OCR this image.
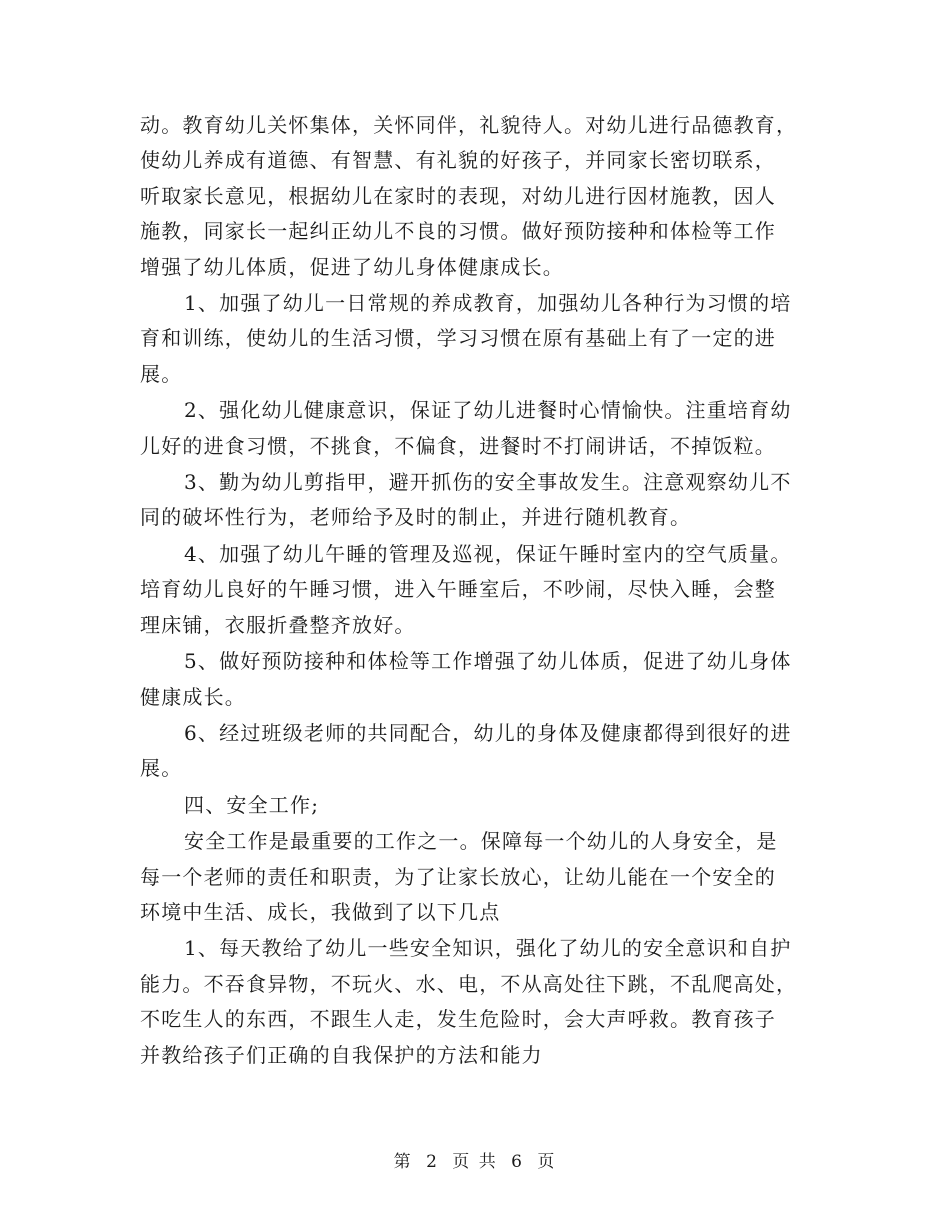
动。教育幼儿关怀集体，关怀同伴，礼貌待人。对幼儿进行品德教育，
使幼儿养成有道德、有智慧、有礼貌的好孩子，并同家长密切联系，
听取家长意见，根据幼儿在家时的表现，对幼儿进行因材施教，因人
施教，同家长一起纠正幼儿不良的习惯。做好预防接种和体检等工作
增强了幼儿体质，促进了幼儿身体健康成长。

1、加强了幼儿一日常规的养成教育，加强幼儿各种行为习惯的培
育和训练，使幼儿的生活习惯，学习习惯在原有基础上有了一定的进
展。

2、强化幼儿健康意识，保证了幼儿进餐时心情愉快。注重培育幼
儿好的进食习惯，不挑食，不偏食，进餐时不打闹讲话，不掉饭粒。

3、勤为幼儿剪指甲，避开抓伤的安全事故发生。注意观察幼儿不
同的破坏性行为，老师给予及时的制止，并进行随机教育。

4、加强了幼儿午睡的管理及巡视，保证午睡时室内的空气质量。
培育幼儿良好的午睡习惯，进入午睡室后，不吵闹，尽快入睡，会整
理床铺，衣服折叠整齐放好。

5、做好预防接种和体检等工作增强了幼儿体质，促进了幼儿身体
健康成长。

6、经过班级老师的共同配合，幼儿的身体及健康都得到很好的进
展。

四、安全工作;

安全工作是最重要的工作之一。保障每一个幼儿的人身安全，是
每一个老师的责任和职责，为了让家长放心，让幼儿能在一个安全的
环境中生活、成长，我做到了以下几点

1、每天教给了幼儿一些安全知识，强化了幼儿的安全意识和自护
能力。不吞食异物，不玩火、水、电，不从高处往下跳，不乱爬高处，
不吃生人的东西，不跟生人走，发生危险时，会大声呼救。教育孩子
并教给孩子们正确的自我保护的方法和能力

第 2 页 共 6 页
